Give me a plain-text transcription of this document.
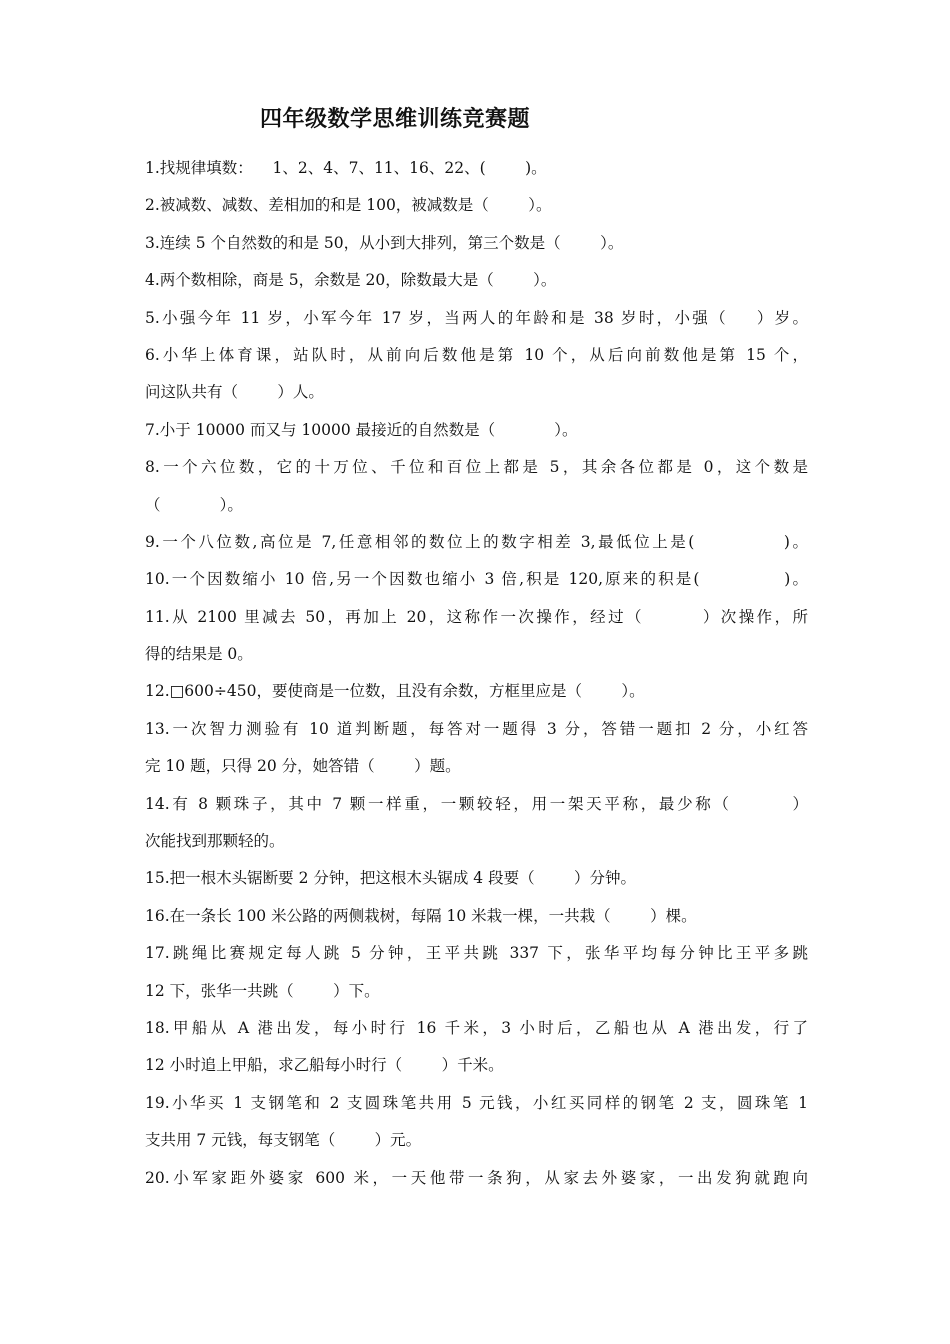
四年级数学思维训练竞赛题
1.找规律填数：    1、2、4、7、11、16、22、(        )。
2.被减数、减数、差相加的和是 100，被减数是（        ）。
3.连续 5 个自然数的和是 50，从小到大排列，第三个数是（        ）。
4.两个数相除，商是 5，余数是 20，除数最大是（        ）。
5.小强今年 11 岁，小军今年 17 岁，当两人的年龄和是 38 岁时，小强（    ）岁。
6.小华上体育课，站队时，从前向后数他是第 10 个，从后向前数他是第 15 个，
问这队共有（        ）人。
7.小于 10000 而又与 10000 最接近的自然数是（            ）。
8.一个六位数，它的十万位、千位和百位上都是 5，其余各位都是 0，这个数是
（            ）。
9.一个八位数,高位是 7,任意相邻的数位上的数字相差 3,最低位上是(            )。
10.一个因数缩小 10 倍,另一个因数也缩小 3 倍,积是 120,原来的积是(            )。
11.从 2100 里减去 50，再加上 20，这称作一次操作，经过（        ）次操作，所
得的结果是 0。
12.□600÷450，要使商是一位数，且没有余数，方框里应是（        ）。
13.一次智力测验有 10 道判断题，每答对一题得 3 分，答错一题扣 2 分，小红答
完 10 题，只得 20 分，她答错（        ）题。
14.有 8 颗珠子，其中 7 颗一样重，一颗较轻，用一架天平称，最少称（        ）
次能找到那颗轻的。
15.把一根木头锯断要 2 分钟，把这根木头锯成 4 段要（        ）分钟。
16.在一条长 100 米公路的两侧栽树，每隔 10 米栽一棵，一共栽（        ）棵。
17.跳绳比赛规定每人跳 5 分钟，王平共跳 337 下，张华平均每分钟比王平多跳
12 下，张华一共跳（        ）下。
18.甲船从 A 港出发，每小时行 16 千米，3 小时后，乙船也从 A 港出发，行了
12 小时追上甲船，求乙船每小时行（        ）千米。
19.小华买 1 支钢笔和 2 支圆珠笔共用 5 元钱，小红买同样的钢笔 2 支，圆珠笔 1
支共用 7 元钱，每支钢笔（        ）元。
20.小军家距外婆家 600 米，一天他带一条狗，从家去外婆家，一出发狗就跑向
